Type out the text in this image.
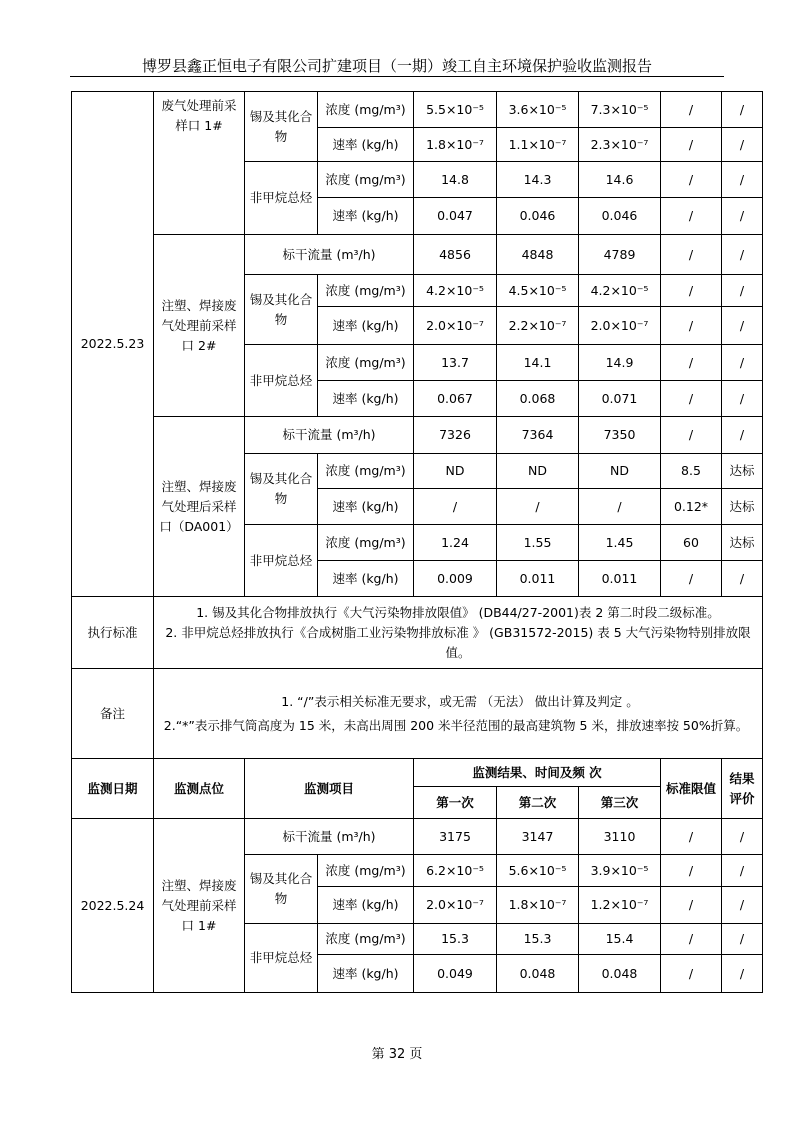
博罗县鑫正恒电子有限公司扩建项目（一期）竣工自主环境保护验收监测报告
2022.5.23	废气处理前采样口 1#	锡及其化合物	浓度 (mg/m³)	5.5×10⁻⁵	3.6×10⁻⁵	7.3×10⁻⁵	/	/
			速率 (kg/h)	1.8×10⁻⁷	1.1×10⁻⁷	2.3×10⁻⁷	/	/
		非甲烷总烃	浓度 (mg/m³)	14.8	14.3	14.6	/	/
			速率 (kg/h)	0.047	0.046	0.046	/	/
	注塑、焊接废气处理前采样口 2#	标干流量 (m³/h)		4856	4848	4789	/	/
		锡及其化合物	浓度 (mg/m³)	4.2×10⁻⁵	4.5×10⁻⁵	4.2×10⁻⁵	/	/
			速率 (kg/h)	2.0×10⁻⁷	2.2×10⁻⁷	2.0×10⁻⁷	/	/
		非甲烷总烃	浓度 (mg/m³)	13.7	14.1	14.9	/	/
			速率 (kg/h)	0.067	0.068	0.071	/	/
	注塑、焊接废气处理后采样口（DA001）	标干流量 (m³/h)		7326	7364	7350	/	/
		锡及其化合物	浓度 (mg/m³)	ND	ND	ND	8.5	达标
			速率 (kg/h)	/	/	/	0.12*	达标
		非甲烷总烃	浓度 (mg/m³)	1.24	1.55	1.45	60	达标
			速率 (kg/h)	0.009	0.011	0.011	/	/
执行标准	1. 锡及其化合物排放执行《大气污染物排放限值》 (DB44/27-2001)表 2 第二时段二级标准。
2. 非甲烷总烃排放执行《合成树脂工业污染物排放标准 》 (GB31572-2015) 表 5 大气污染物特别排放限值。							

备注	1. “/”表示相关标准无要求，或无需 （无法） 做出计算及判定 。
2.“*”表示排气筒高度为 15 米，未高出周围 200 米半径范围的最高建筑物 5 米，排放速率按 50%折算。							

监测日期	监测点位	监测项目		监测结果、时间及频 次			标准限值	结果评价
				第一次	第二次	第三次		
2022.5.24	注塑、焊接废气处理前采样口 1#	标干流量 (m³/h)		3175	3147	3110	/	/
		锡及其化合物	浓度 (mg/m³)	6.2×10⁻⁵	5.6×10⁻⁵	3.9×10⁻⁵	/	/
			速率 (kg/h)	2.0×10⁻⁷	1.8×10⁻⁷	1.2×10⁻⁷	/	/
		非甲烷总烃	浓度 (mg/m³)	15.3	15.3	15.4	/	/
			速率 (kg/h)	0.049	0.048	0.048	/	/
第 32 页
